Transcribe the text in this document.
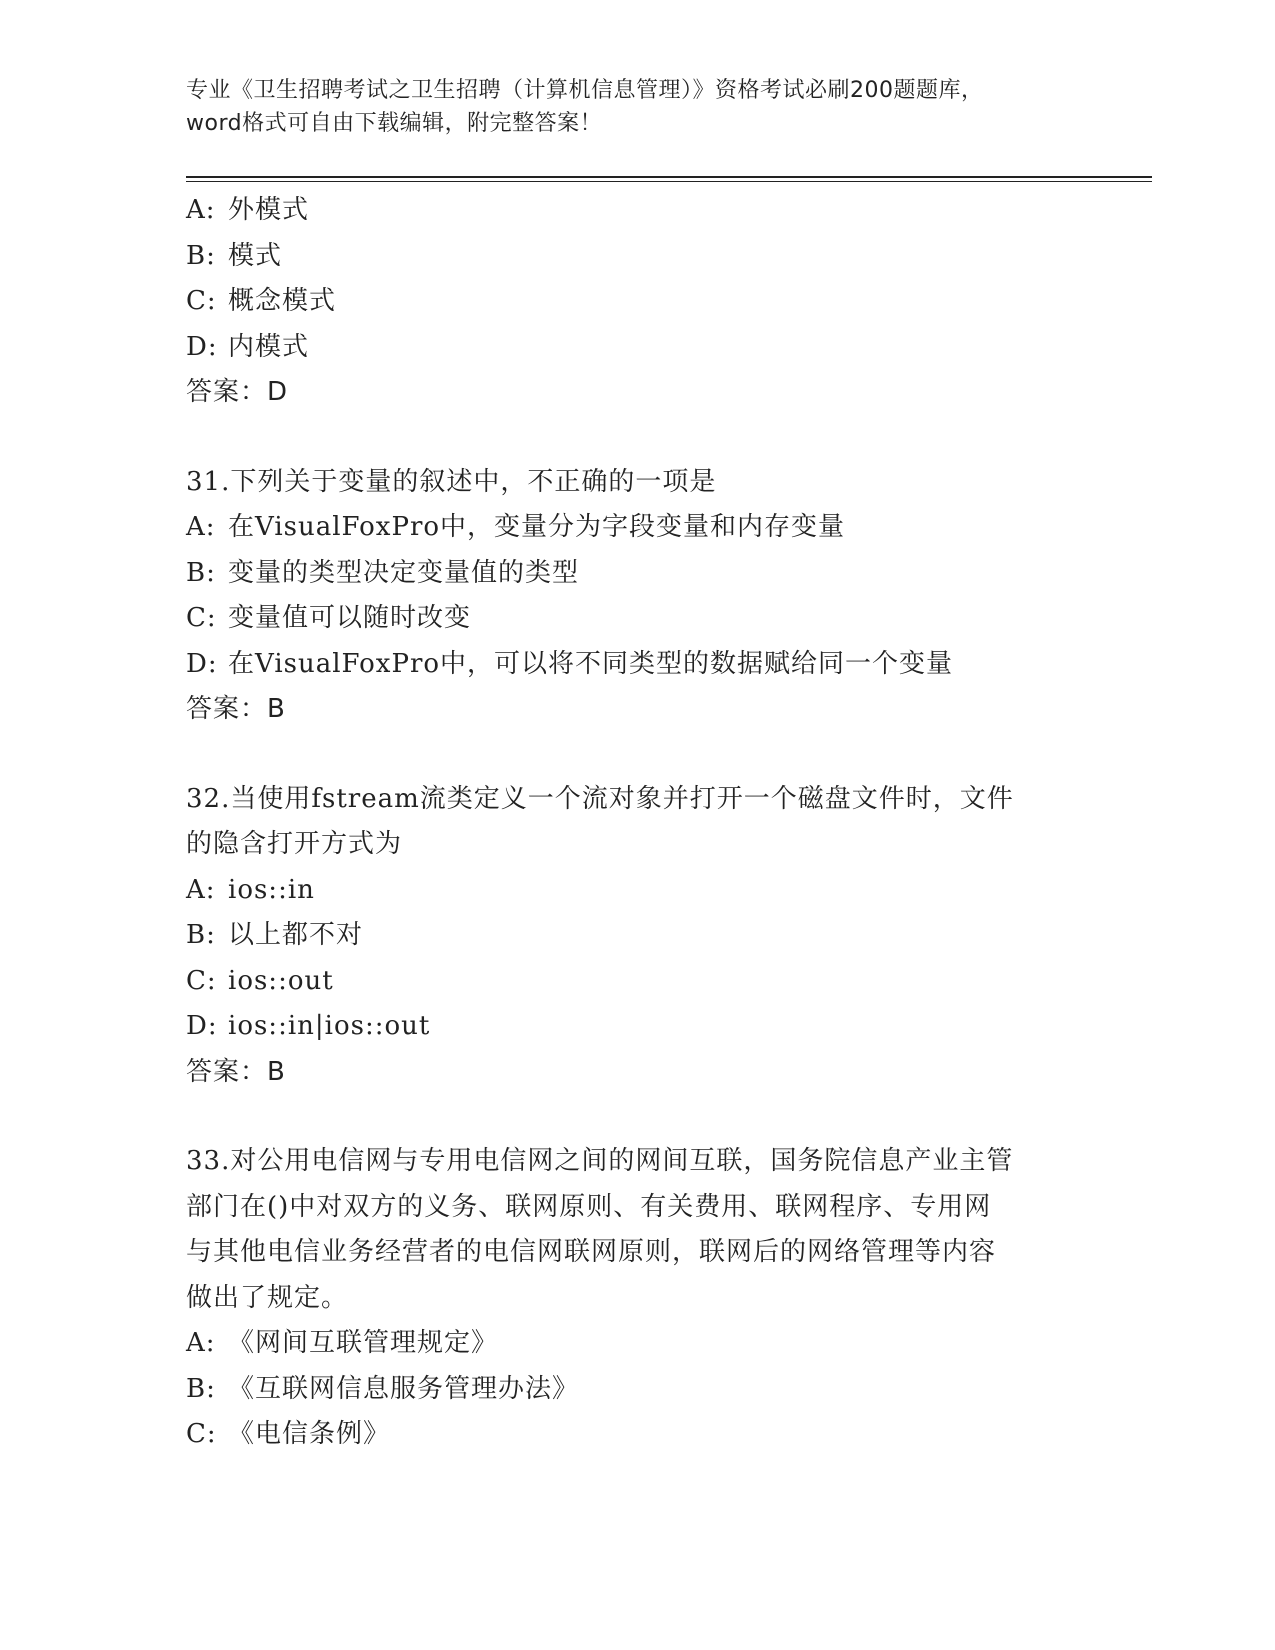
专业《卫生招聘考试之卫生招聘（计算机信息管理）》资格考试必刷200题题库，
word格式可自由下载编辑，附完整答案！
A: 外模式
B: 模式
C: 概念模式
D: 内模式
答案：D
31.下列关于变量的叙述中，不正确的一项是
A: 在VisualFoxPro中，变量分为字段变量和内存变量
B: 变量的类型决定变量值的类型
C: 变量值可以随时改变
D: 在VisualFoxPro中，可以将不同类型的数据赋给同一个变量
答案：B
32.当使用fstream流类定义一个流对象并打开一个磁盘文件时，文件
的隐含打开方式为
A: ios::in
B: 以上都不对
C: ios::out
D: ios::in|ios::out
答案：B
33.对公用电信网与专用电信网之间的网间互联，国务院信息产业主管
部门在()中对双方的义务、联网原则、有关费用、联网程序、专用网
与其他电信业务经营者的电信网联网原则，联网后的网络管理等内容
做出了规定。
A: 《网间互联管理规定》
B: 《互联网信息服务管理办法》
C: 《电信条例》
